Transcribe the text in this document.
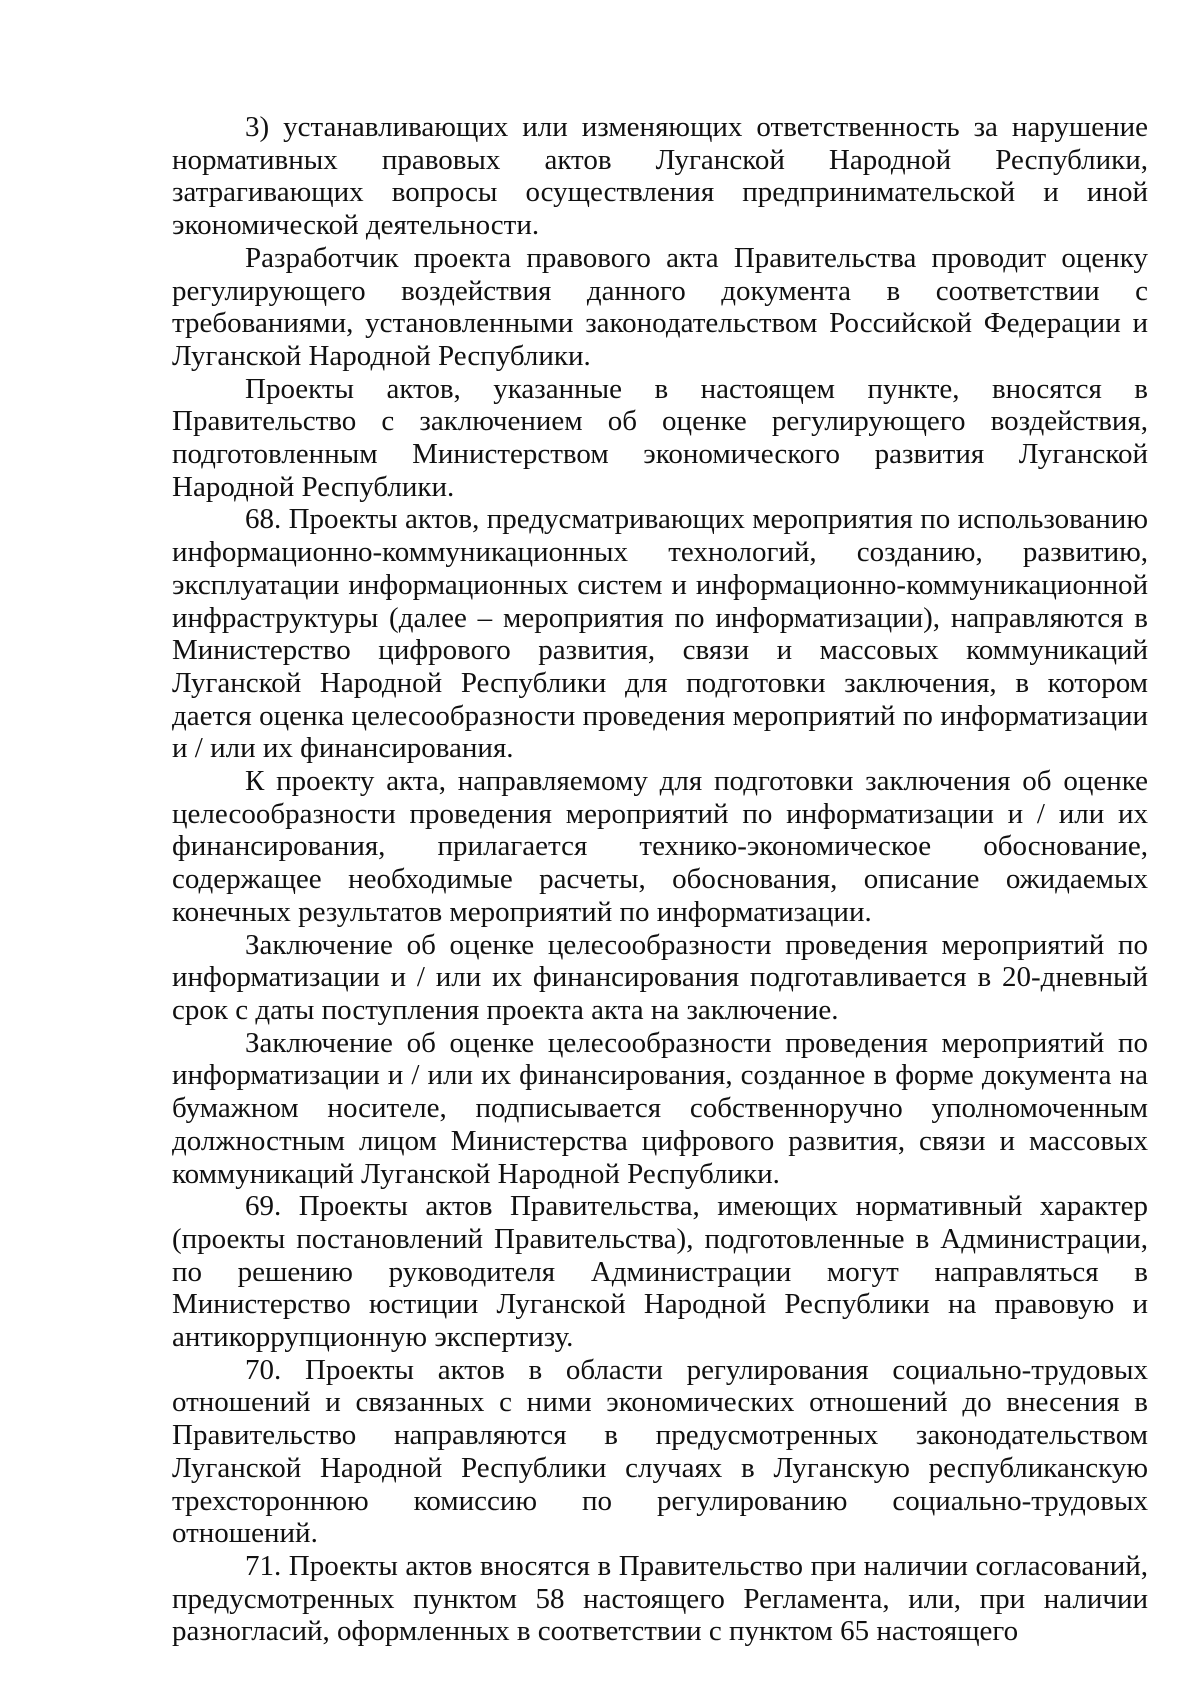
3) устанавливающих или изменяющих ответственность за нарушение нормативных правовых актов Луганской Народной Республики, затрагивающих вопросы осуществления предпринимательской и иной экономической деятельности.

Разработчик проекта правового акта Правительства проводит оценку регулирующего воздействия данного документа в соответствии с требованиями, установленными законодательством Российской Федерации и Луганской Народной Республики.

Проекты актов, указанные в настоящем пункте, вносятся в Правительство с заключением об оценке регулирующего воздействия, подготовленным Министерством экономического развития Луганской Народной Республики.

68. Проекты актов, предусматривающих мероприятия по использованию информационно-коммуникационных технологий, созданию, развитию, эксплуатации информационных систем и информационно-коммуникационной инфраструктуры (далее – мероприятия по информатизации), направляются в Министерство цифрового развития, связи и массовых коммуникаций Луганской Народной Республики для подготовки заключения, в котором дается оценка целесообразности проведения мероприятий по информатизации и / или их финансирования.

К проекту акта, направляемому для подготовки заключения об оценке целесообразности проведения мероприятий по информатизации и / или их финансирования, прилагается технико-экономическое обоснование, содержащее необходимые расчеты, обоснования, описание ожидаемых конечных результатов мероприятий по информатизации.

Заключение об оценке целесообразности проведения мероприятий по информатизации и / или их финансирования подготавливается в 20-дневный срок с даты поступления проекта акта на заключение.

Заключение об оценке целесообразности проведения мероприятий по информатизации и / или их финансирования, созданное в форме документа на бумажном носителе, подписывается собственноручно уполномоченным должностным лицом Министерства цифрового развития, связи и массовых коммуникаций Луганской Народной Республики.

69. Проекты актов Правительства, имеющих нормативный характер (проекты постановлений Правительства), подготовленные в Администрации, по решению руководителя Администрации могут направляться в Министерство юстиции Луганской Народной Республики на правовую и антикоррупционную экспертизу.

70. Проекты актов в области регулирования социально-трудовых отношений и связанных с ними экономических отношений до внесения в Правительство направляются в предусмотренных законодательством Луганской Народной Республики случаях в Луганскую республиканскую трехстороннюю комиссию по регулированию социально-трудовых отношений.

71. Проекты актов вносятся в Правительство при наличии согласований, предусмотренных пунктом 58 настоящего Регламента, или, при наличии разногласий, оформленных в соответствии с пунктом 65 настоящего
